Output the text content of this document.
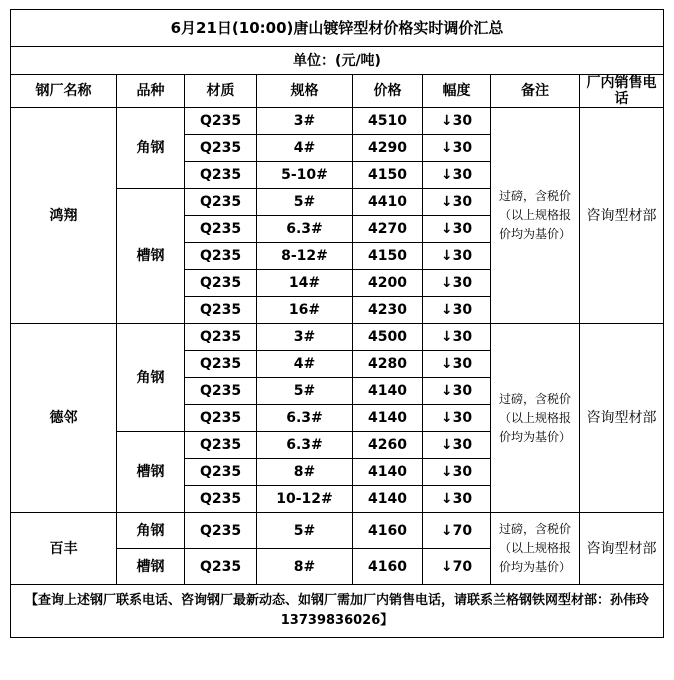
6月21日(10:00)唐山镀锌型材价格实时调价汇总							
单位：(元/吨)							
钢厂名称	品种	材质	规格	价格	幅度	备注	厂内销售电话
鸿翔	角钢	Q235	3#	4510	↓30	过磅，含税价（以上规格报价均为基价）	咨询型材部
		Q235	4#	4290	↓30		
		Q235	5-10#	4150	↓30		
	槽钢	Q235	5#	4410	↓30		
		Q235	6.3#	4270	↓30		
		Q235	8-12#	4150	↓30		
		Q235	14#	4200	↓30		
		Q235	16#	4230	↓30		
德邻	角钢	Q235	3#	4500	↓30	过磅，含税价（以上规格报价均为基价）	咨询型材部
		Q235	4#	4280	↓30		
		Q235	5#	4140	↓30		
		Q235	6.3#	4140	↓30		
	槽钢	Q235	6.3#	4260	↓30		
		Q235	8#	4140	↓30		
		Q235	10-12#	4140	↓30		
百丰	角钢	Q235	5#	4160	↓70	过磅，含税价（以上规格报价均为基价）	咨询型材部
	槽钢	Q235	8#	4160	↓70		
【查询上述钢厂联系电话、咨询钢厂最新动态、如钢厂需加厂内销售电话，请联系兰格钢铁网型材部：孙伟玲13739836026】							
